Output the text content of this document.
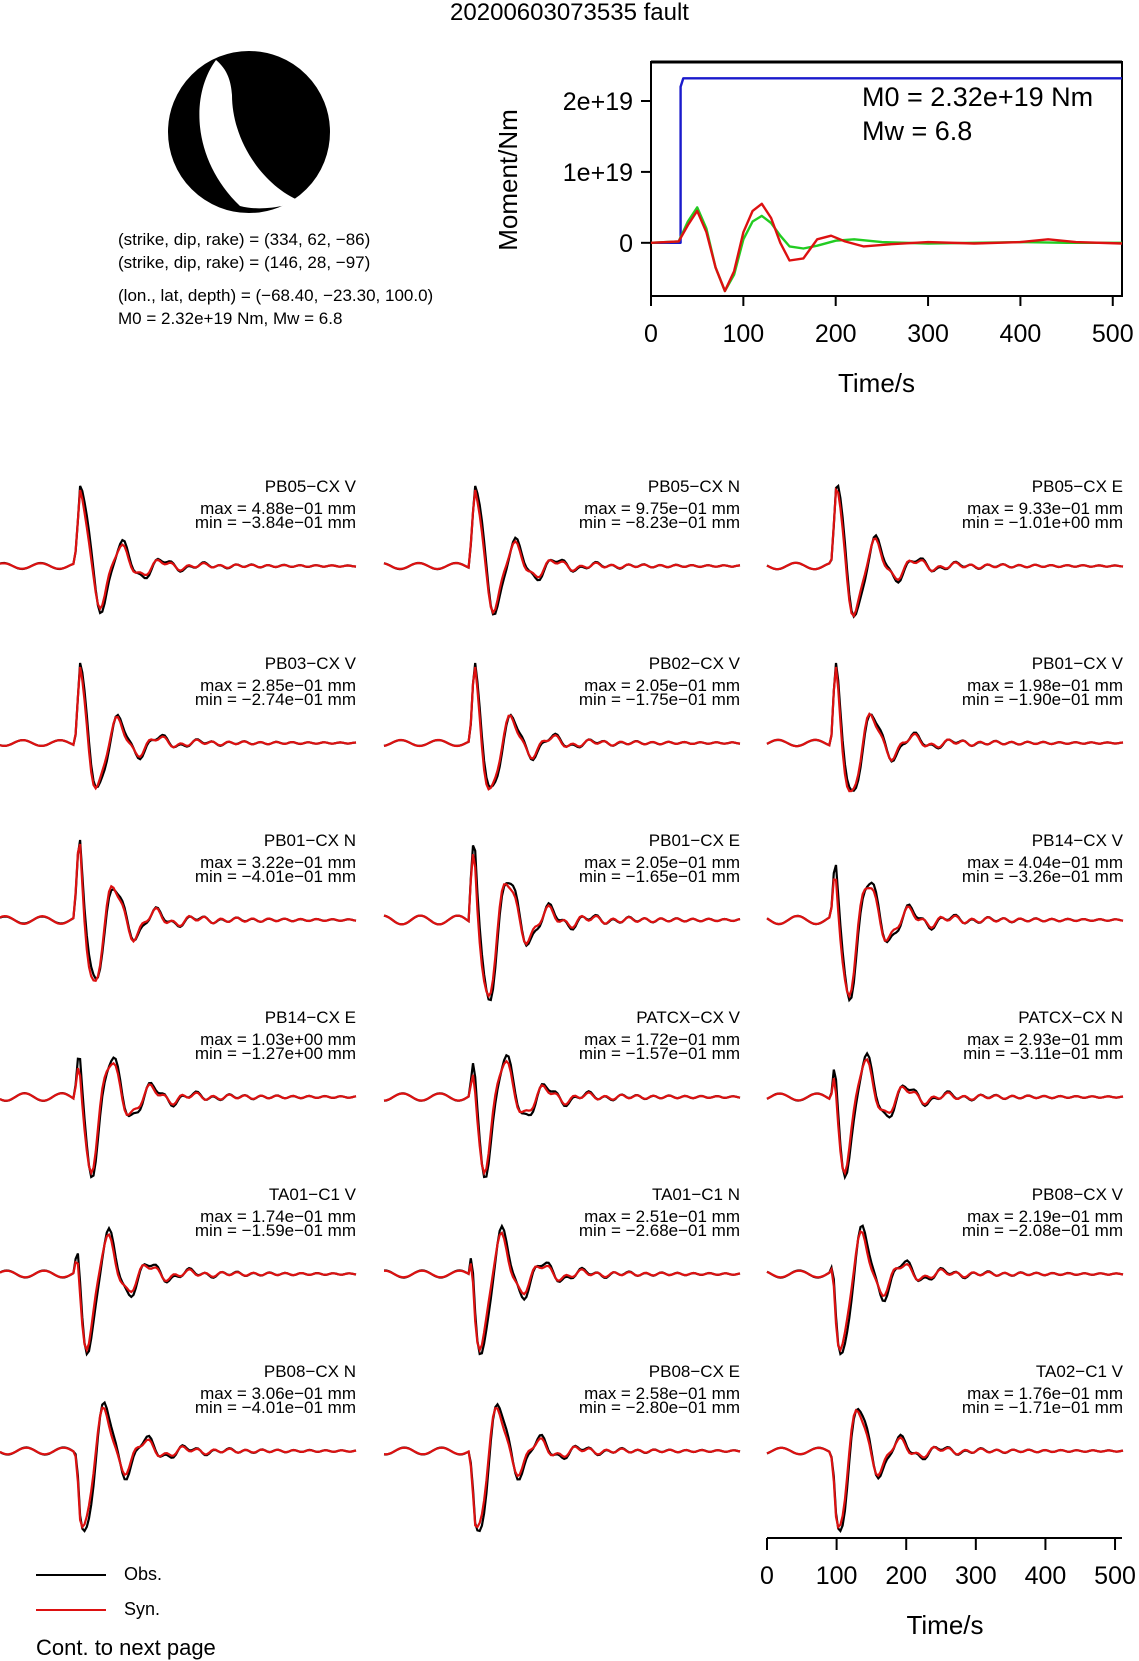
20200603073535 fault
0	100 200 300 400 500
0
1e+19
2e+19
Time/s
Moment/Nm
0 100 200 300 400 500
Time/s
(strike, dip, rake) = (334, 62, −86)
(strike, dip, rake) = (146, 28, −97)
(lon., lat, depth) = (−68.40, −23.30, 100.0)
M0 = 2.32e+19 Nm, Mw = 6.8
M0 = 2.32e+19 Nm
Mw = 6.8
PB05−CX V
max = 4.88e−01 mm
min = −3.84e−01 mm
PB05−CX N
max = 9.75e−01 mm
min = −8.23e−01 mm
PB05−CX E
max = 9.33e−01 mm
min = −1.01e+00 mm
PB03−CX V
max = 2.85e−01 mm
min = −2.74e−01 mm
PB02−CX V
max = 2.05e−01 mm
min = −1.75e−01 mm
PB01−CX V
max = 1.98e−01 mm
min = −1.90e−01 mm
PB01−CX N
max = 3.22e−01 mm
min = −4.01e−01 mm
PB01−CX E
max = 2.05e−01 mm
min = −1.65e−01 mm
PB14−CX V
max = 4.04e−01 mm
min = −3.26e−01 mm
PB14−CX E
max = 1.03e+00 mm
min = −1.27e+00 mm
PATCX−CX V
max = 1.72e−01 mm
min = −1.57e−01 mm
PATCX−CX N
max = 2.93e−01 mm
min = −3.11e−01 mm
TA01−C1 V
max = 1.74e−01 mm
min = −1.59e−01 mm
TA01−C1 N
max = 2.51e−01 mm
min = −2.68e−01 mm
PB08−CX V
max = 2.19e−01 mm
min = −2.08e−01 mm
PB08−CX N
max = 3.06e−01 mm
min = −4.01e−01 mm
PB08−CX E
max = 2.58e−01 mm
min = −2.80e−01 mm
TA02−C1 V
max = 1.76e−01 mm
min = −1.71e−01 mm
Obs.
Syn.
Cont. to next page
